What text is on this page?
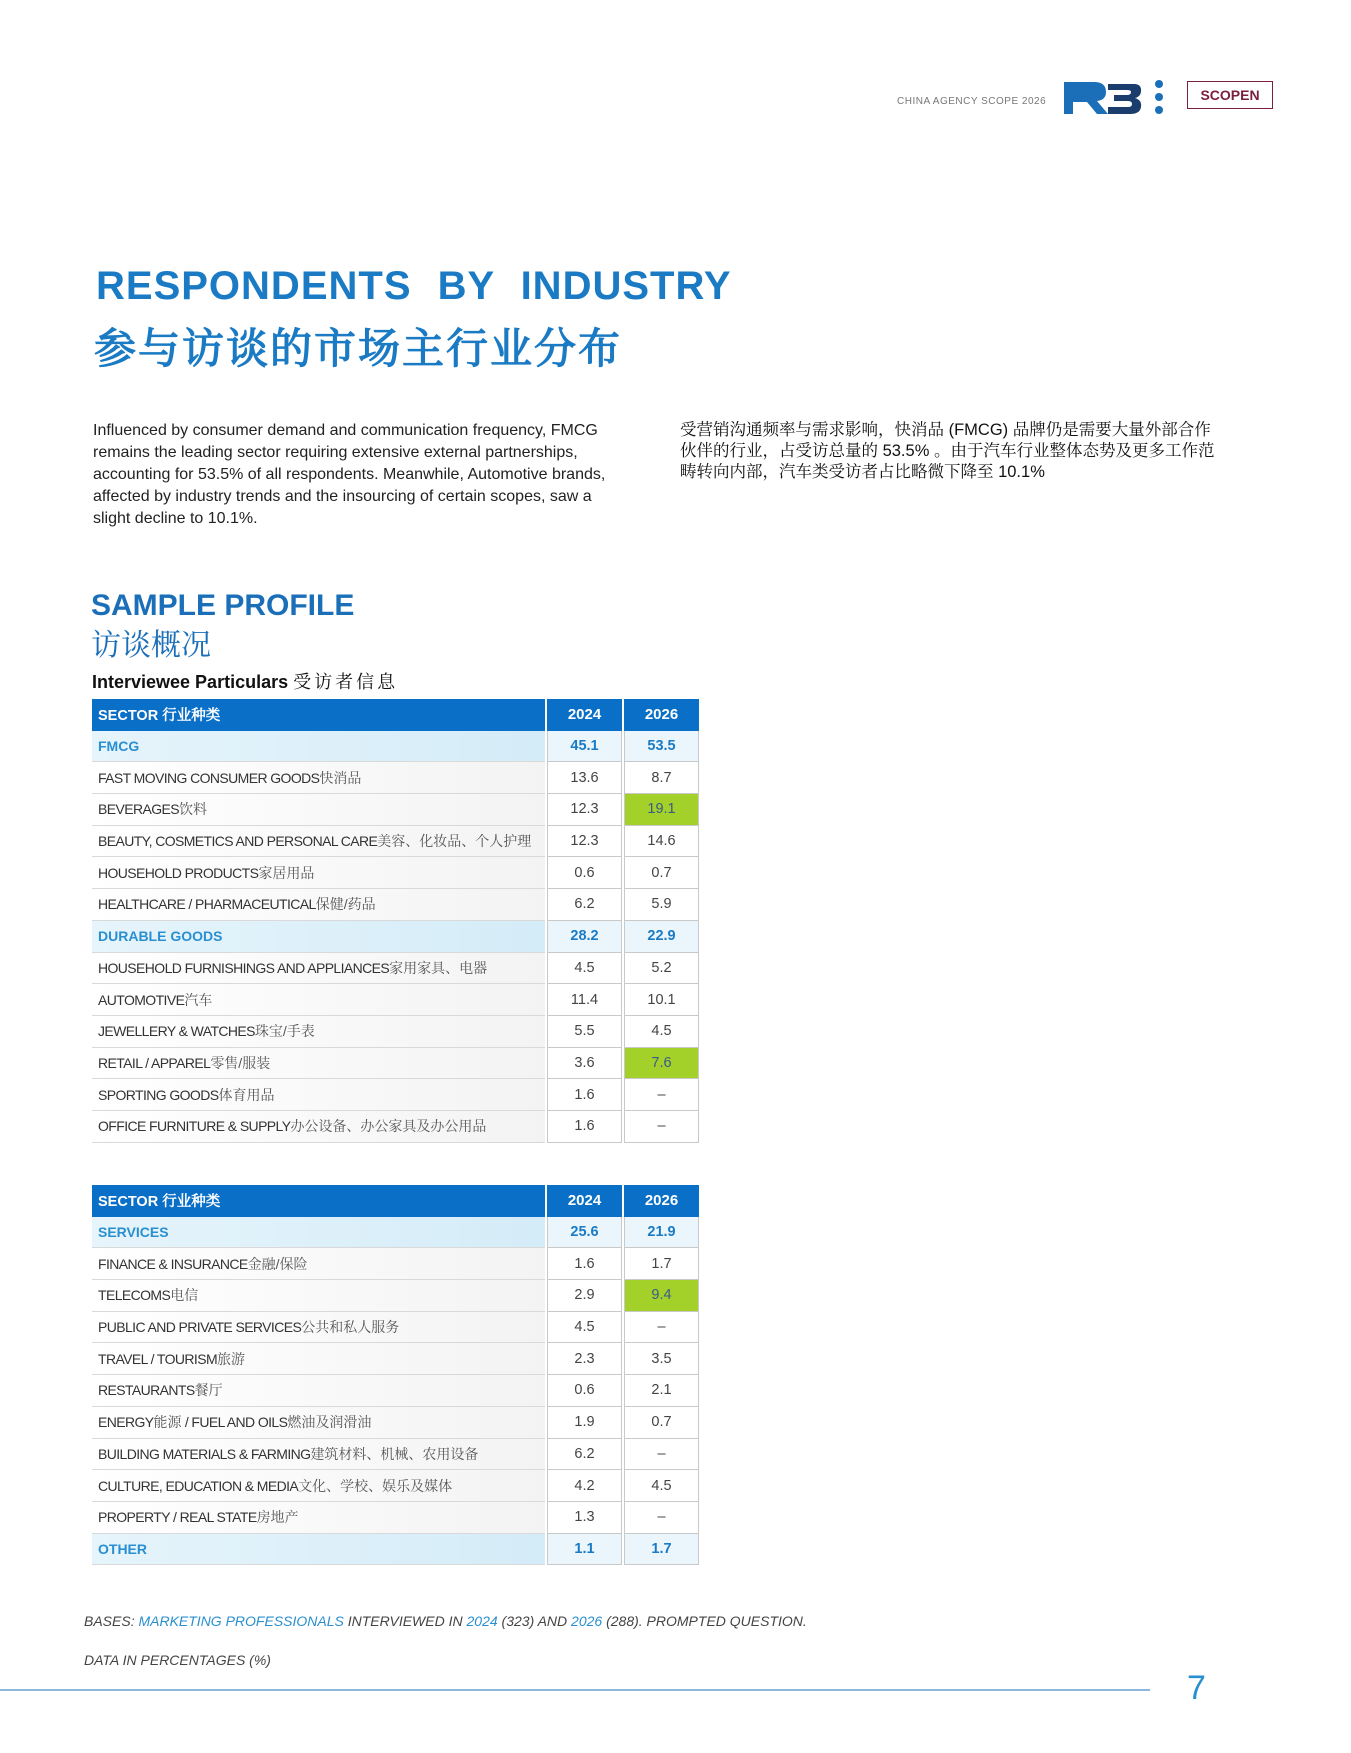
CHINA AGENCY SCOPE 2026	SCOPEN
RESPONDENTS BY INDUSTRY
参与访谈的市场主行业分布
Influenced by consumer demand and communication frequency, FMCG remains the leading sector requiring extensive external partnerships, accounting for 53.5% of all respondents. Meanwhile, Automotive brands, affected by industry trends and the insourcing of certain scopes, saw a slight decline to 10.1%.
受营销沟通频率与需求影响，快消品 (FMCG) 品牌仍是需要大量外部合作伙伴的行业，占受访总量的 53.5% 。由于汽车行业整体态势及更多工作范畴转向内部，汽车类受访者占比略微下降至 10.1%
SAMPLE PROFILE
访谈概况
Interviewee Particulars 受访者信息
SECTOR 行业种类	2024	2026
FMCG	45.1	53.5
FAST MOVING CONSUMER GOODS快消品	13.6	8.7
BEVERAGES饮料	12.3	19.1
BEAUTY, COSMETICS AND PERSONAL CARE美容、化妆品、个人护理	12.3	14.6
HOUSEHOLD PRODUCTS家居用品	0.6	0.7
HEALTHCARE / PHARMACEUTICAL保健/药品	6.2	5.9
DURABLE GOODS	28.2	22.9
HOUSEHOLD FURNISHINGS AND APPLIANCES家用家具、电器	4.5	5.2
AUTOMOTIVE汽车	11.4	10.1
JEWELLERY & WATCHES珠宝/手表	5.5	4.5
RETAIL / APPAREL零售/服装	3.6	7.6
SPORTING GOODS体育用品	1.6	–
OFFICE FURNITURE & SUPPLY办公设备、办公家具及办公用品	1.6	–
SECTOR 行业种类	2024	2026
SERVICES	25.6	21.9
FINANCE & INSURANCE金融/保险	1.6	1.7
TELECOMS电信	2.9	9.4
PUBLIC AND PRIVATE SERVICES公共和私人服务	4.5	–
TRAVEL / TOURISM旅游	2.3	3.5
RESTAURANTS餐厅	0.6	2.1
ENERGY能源 / FUEL AND OILS燃油及润滑油	1.9	0.7
BUILDING MATERIALS & FARMING建筑材料、机械、农用设备	6.2	–
CULTURE, EDUCATION & MEDIA文化、学校、娱乐及媒体	4.2	4.5
PROPERTY / REAL STATE房地产	1.3	–
OTHER	1.1	1.7
BASES: MARKETING PROFESSIONALS INTERVIEWED IN 2024 (323) AND 2026 (288). PROMPTED QUESTION.
DATA IN PERCENTAGES (%)
7
